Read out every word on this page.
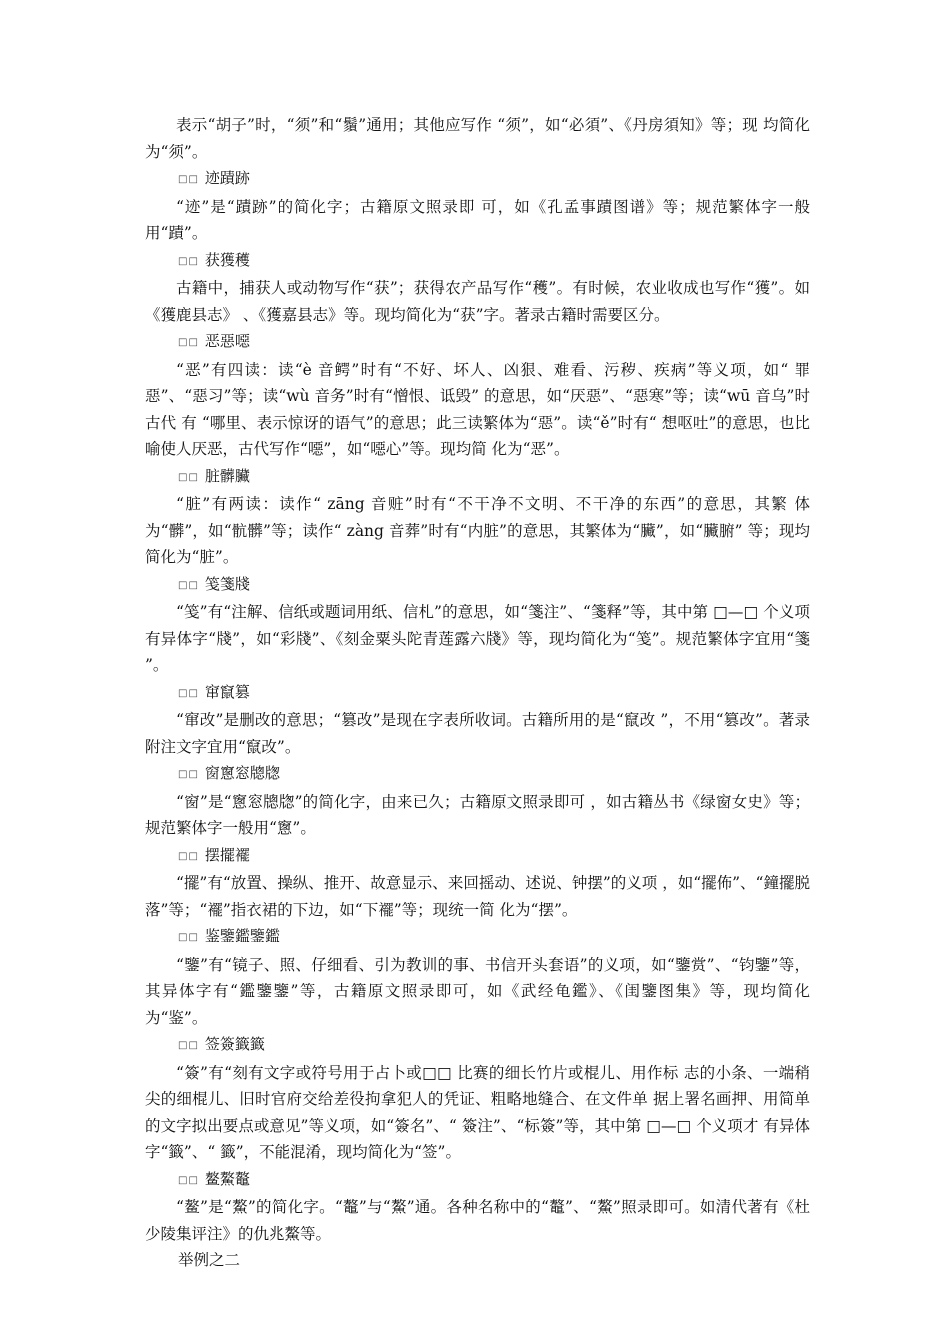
表示“胡子”时，“须”和“鬚”通用；其他应写作 “须”，如“必須”、《丹房須知》等；现 均简化为“须”。

□□ 迹蹟跡

“迹”是“蹟跡”的简化字；古籍原文照录即 可，如《孔孟事蹟图谱》等；规范繁体字一般用“蹟”。

□□ 获獲穫

古籍中，捕获人或动物写作“获”；获得农产品写作“穫”。有时候，农业收成也写作“獲”。如《獲鹿县志》 、《獲嘉县志》等。现均简化为“获”字。著录古籍时需要区分。

□□ 恶惡噁

“恶”有四读：读“è 音鳄”时有“不好、坏人、凶狠、难看、污秽、疾病”等义项，如“ 罪惡”、“惡习”等；读“wù 音务”时有“憎恨、诋毁” 的意思，如“厌惡”、“惡寒”等；读“wū 音乌”时古代 有 “哪里、表示惊讶的语气”的意思；此三读繁体为“惡”。读“ě”时有“ 想呕吐”的意思，也比喻使人厌恶，古代写作“噁”，如“噁心”等。现均简 化为“恶”。

□□ 脏髒臟

“脏”有两读：读作“ zāng 音赃”时有“不干净不文明、不干净的东西”的意思，其繁 体为“髒”，如“骯髒”等；读作“ zàng 音葬”时有“内脏”的意思，其繁体为“臟”，如“臟腑” 等；现均简化为“脏”。

□□ 笺箋牋

“笺”有“注解、信纸或题词用纸、信札”的意思，如“箋注”、“箋释”等，其中第 □—□ 个义项有异体字“牋”，如“彩牋”、《刻金粟头陀青莲露六牋》等，现均简化为“笺”。规范繁体字宜用“箋 ”。

□□ 窜竄篡

“窜改”是删改的意思；“篡改”是现在字表所收词。古籍所用的是“竄改 ”，不用“篡改”。著录附注文字宜用“竄改”。

□□ 窗窻窓牕牎

“窗”是“窻窓牕牎”的简化字，由来已久；古籍原文照录即可 ，如古籍丛书《绿窗女史》等；规范繁体字一般用“窻”。

□□ 摆擺襬

“擺”有“放置、操纵、推开、故意显示、来回摇动、述说、钟摆”的义项 ，如“擺佈”、“鐘擺脱落”等；“襬”指衣裙的下边，如“下襬”等；现统一简 化为“摆”。

□□ 鉴鑒鑑鑒鑑

“鑒”有“镜子、照、仔细看、引为教训的事、书信开头套语”的义项，如“鑒赏”、“钧鑒”等，其异体字有“鑑鑒鑒”等，古籍原文照录即可，如《武经龟鑑》、《闺鑒图集》等，现均简化为“鉴”。

□□ 签簽籤籤

“簽”有“刻有文字或符号用于占卜或□□ 比赛的细长竹片或棍儿、用作标 志的小条、一端稍尖的细棍儿、旧时官府交给差役拘拿犯人的凭证、粗略地缝合、在文件单 据上署名画押、用简单的文字拟出要点或意见”等义项，如“簽名”、“ 簽注”、“标簽”等，其中第 □—□ 个义项才 有异体字“籤”、“ 籤”，不能混淆，现均简化为“签”。

□□ 鳌鰲鼇

“鳌”是“鰲”的简化字。“鼇”与“鰲”通。各种名称中的“鼇”、“鰲”照录即可。如清代著有《杜少陵集评注》的仇兆鰲等。

举例之二
